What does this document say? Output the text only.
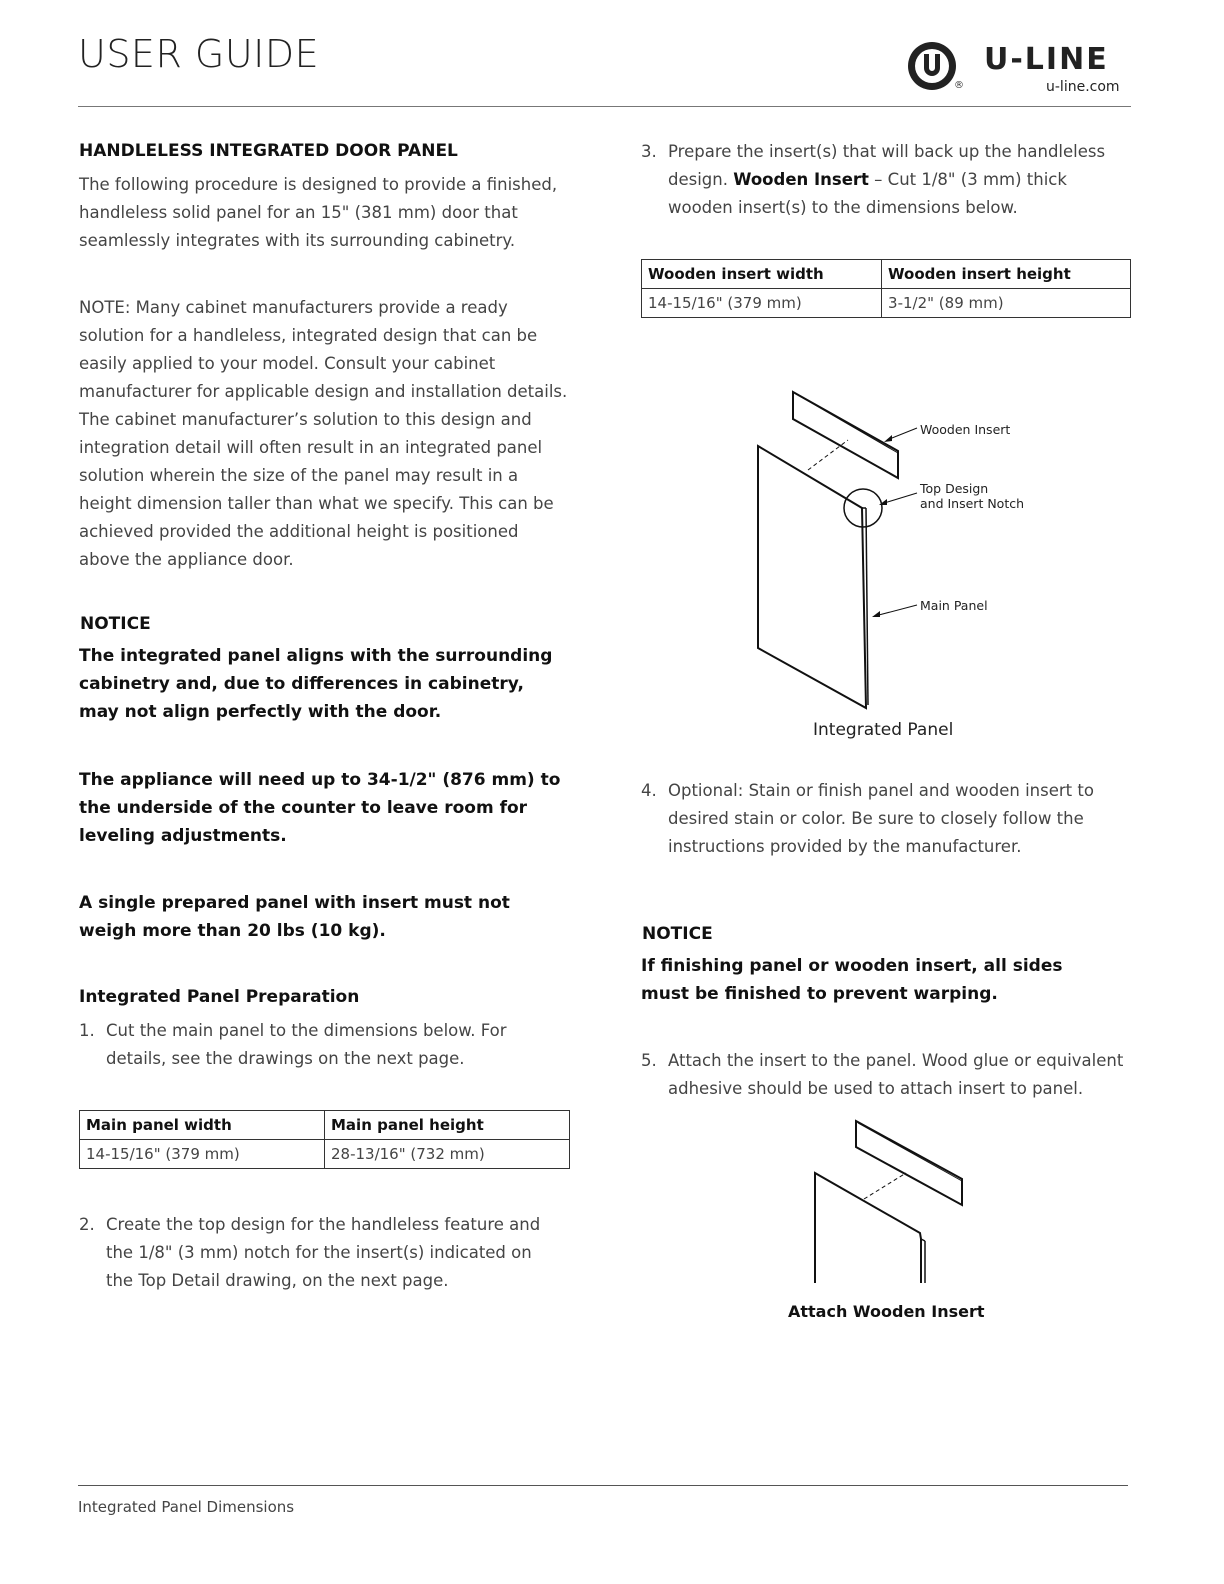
USER GUIDE
®
U-LINE
u-line.com
HANDLELESS INTEGRATED DOOR PANEL
The following procedure is designed to provide a finished, handleless solid panel for an 15" (381 mm) door that seamlessly integrates with its surrounding cabinetry.
NOTE: Many cabinet manufacturers provide a ready solution for a handleless, integrated design that can be easily applied to your model. Consult your cabinet manufacturer for applicable design and installation details. The cabinet manufacturer’s solution to this design and integration detail will often result in an integrated panel solution wherein the size of the panel may result in a height dimension taller than what we specify. This can be achieved provided the additional height is positioned above the appliance door.
NOTICE
The integrated panel aligns with the surrounding cabinetry and, due to differences in cabinetry, may not align perfectly with the door.
The appliance will need up to 34-1/2" (876 mm) to the underside of the counter to leave room for leveling adjustments.
A single prepared panel with insert must not weigh more than 20 lbs (10 kg).
Integrated Panel Preparation
1. Cut the main panel to the dimensions below. For details, see the drawings on the next page.
Main panel width	Main panel height
14-15/16" (379 mm)	28-13/16" (732 mm)
2. Create the top design for the handleless feature and the 1/8" (3 mm) notch for the insert(s) indicated on the Top Detail drawing, on the next page.
3. Prepare the insert(s) that will back up the handleless design. Wooden Insert – Cut 1/8" (3 mm) thick wooden insert(s) to the dimensions below.
Wooden insert width	Wooden insert height
14-15/16" (379 mm)	3-1/2" (89 mm)
Wooden Insert
Top Design
and Insert Notch
Main Panel
Integrated Panel
4. Optional: Stain or finish panel and wooden insert to desired stain or color. Be sure to closely follow the instructions provided by the manufacturer.
NOTICE
If finishing panel or wooden insert, all sides must be finished to prevent warping.
5. Attach the insert to the panel. Wood glue or equivalent adhesive should be used to attach insert to panel.
Attach Wooden Insert
Integrated Panel Dimensions
